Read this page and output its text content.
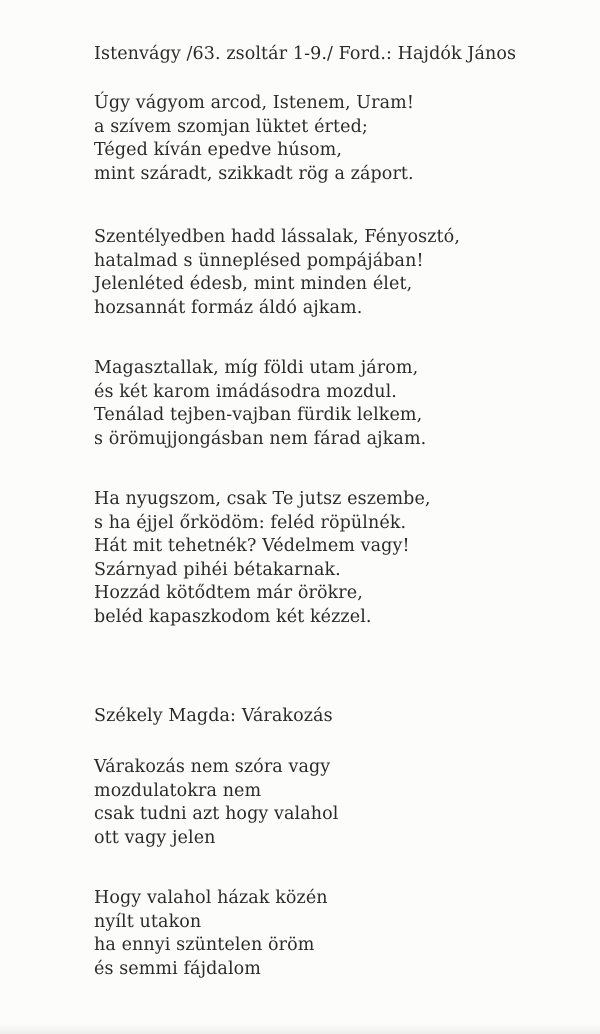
Istenvágy /63. zsoltár 1-9./ Ford.: Hajdók János
Úgy vágyom arcod, Istenem, Uram!
a szívem szomjan lüktet érted;
Téged kíván epedve húsom,
mint száradt, szikkadt rög a záport.
Szentélyedben hadd lássalak, Fényosztó,
hatalmad s ünneplésed pompájában!
Jelenléted édesb, mint minden élet,
hozsannát formáz áldó ajkam.
Magasztallak, míg földi utam járom,
és két karom imádásodra mozdul.
Tenálad tejben-vajban fürdik lelkem,
s örömujjongásban nem fárad ajkam.
Ha nyugszom, csak Te jutsz eszembe,
s ha éjjel őrködöm: feléd röpülnék.
Hát mit tehetnék? Védelmem vagy!
Szárnyad pihéi bétakarnak.
Hozzád kötődtem már örökre,
beléd kapaszkodom két kézzel.
Székely Magda: Várakozás
Várakozás nem szóra vagy
mozdulatokra nem
csak tudni azt hogy valahol
ott vagy jelen
Hogy valahol házak közén
nyílt utakon
ha ennyi szüntelen öröm
és semmi fájdalom
